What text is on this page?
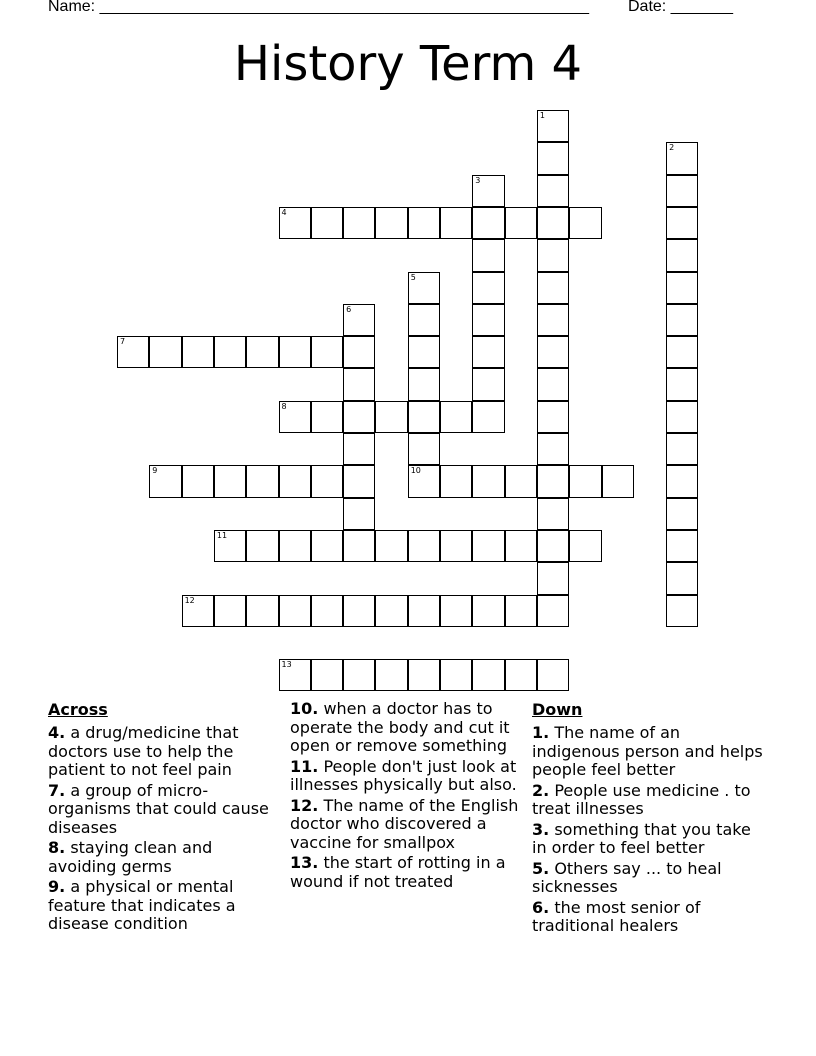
Name: _______________________________________________________ Date: _______
History Term 4
1
2
3
4
5
10
6
7
8
9
11
12
13
Across
4. a drug/medicine that doctors use to help the patient to not feel pain
7. a group of micro-organisms that could cause diseases
8. staying clean and avoiding germs
9. a physical or mental feature that indicates a disease condition
10. when a doctor has to operate the body and cut it open or remove something
11. People don't just look at illnesses physically but also.
12. The name of the English doctor who discovered a vaccine for smallpox
13. the start of rotting in a wound if not treated
Down
1. The name of an indigenous person and helps people feel better
2. People use medicine . to treat illnesses
3. something that you take in order to feel better
5. Others say ... to heal sicknesses
6. the most senior of traditional healers
